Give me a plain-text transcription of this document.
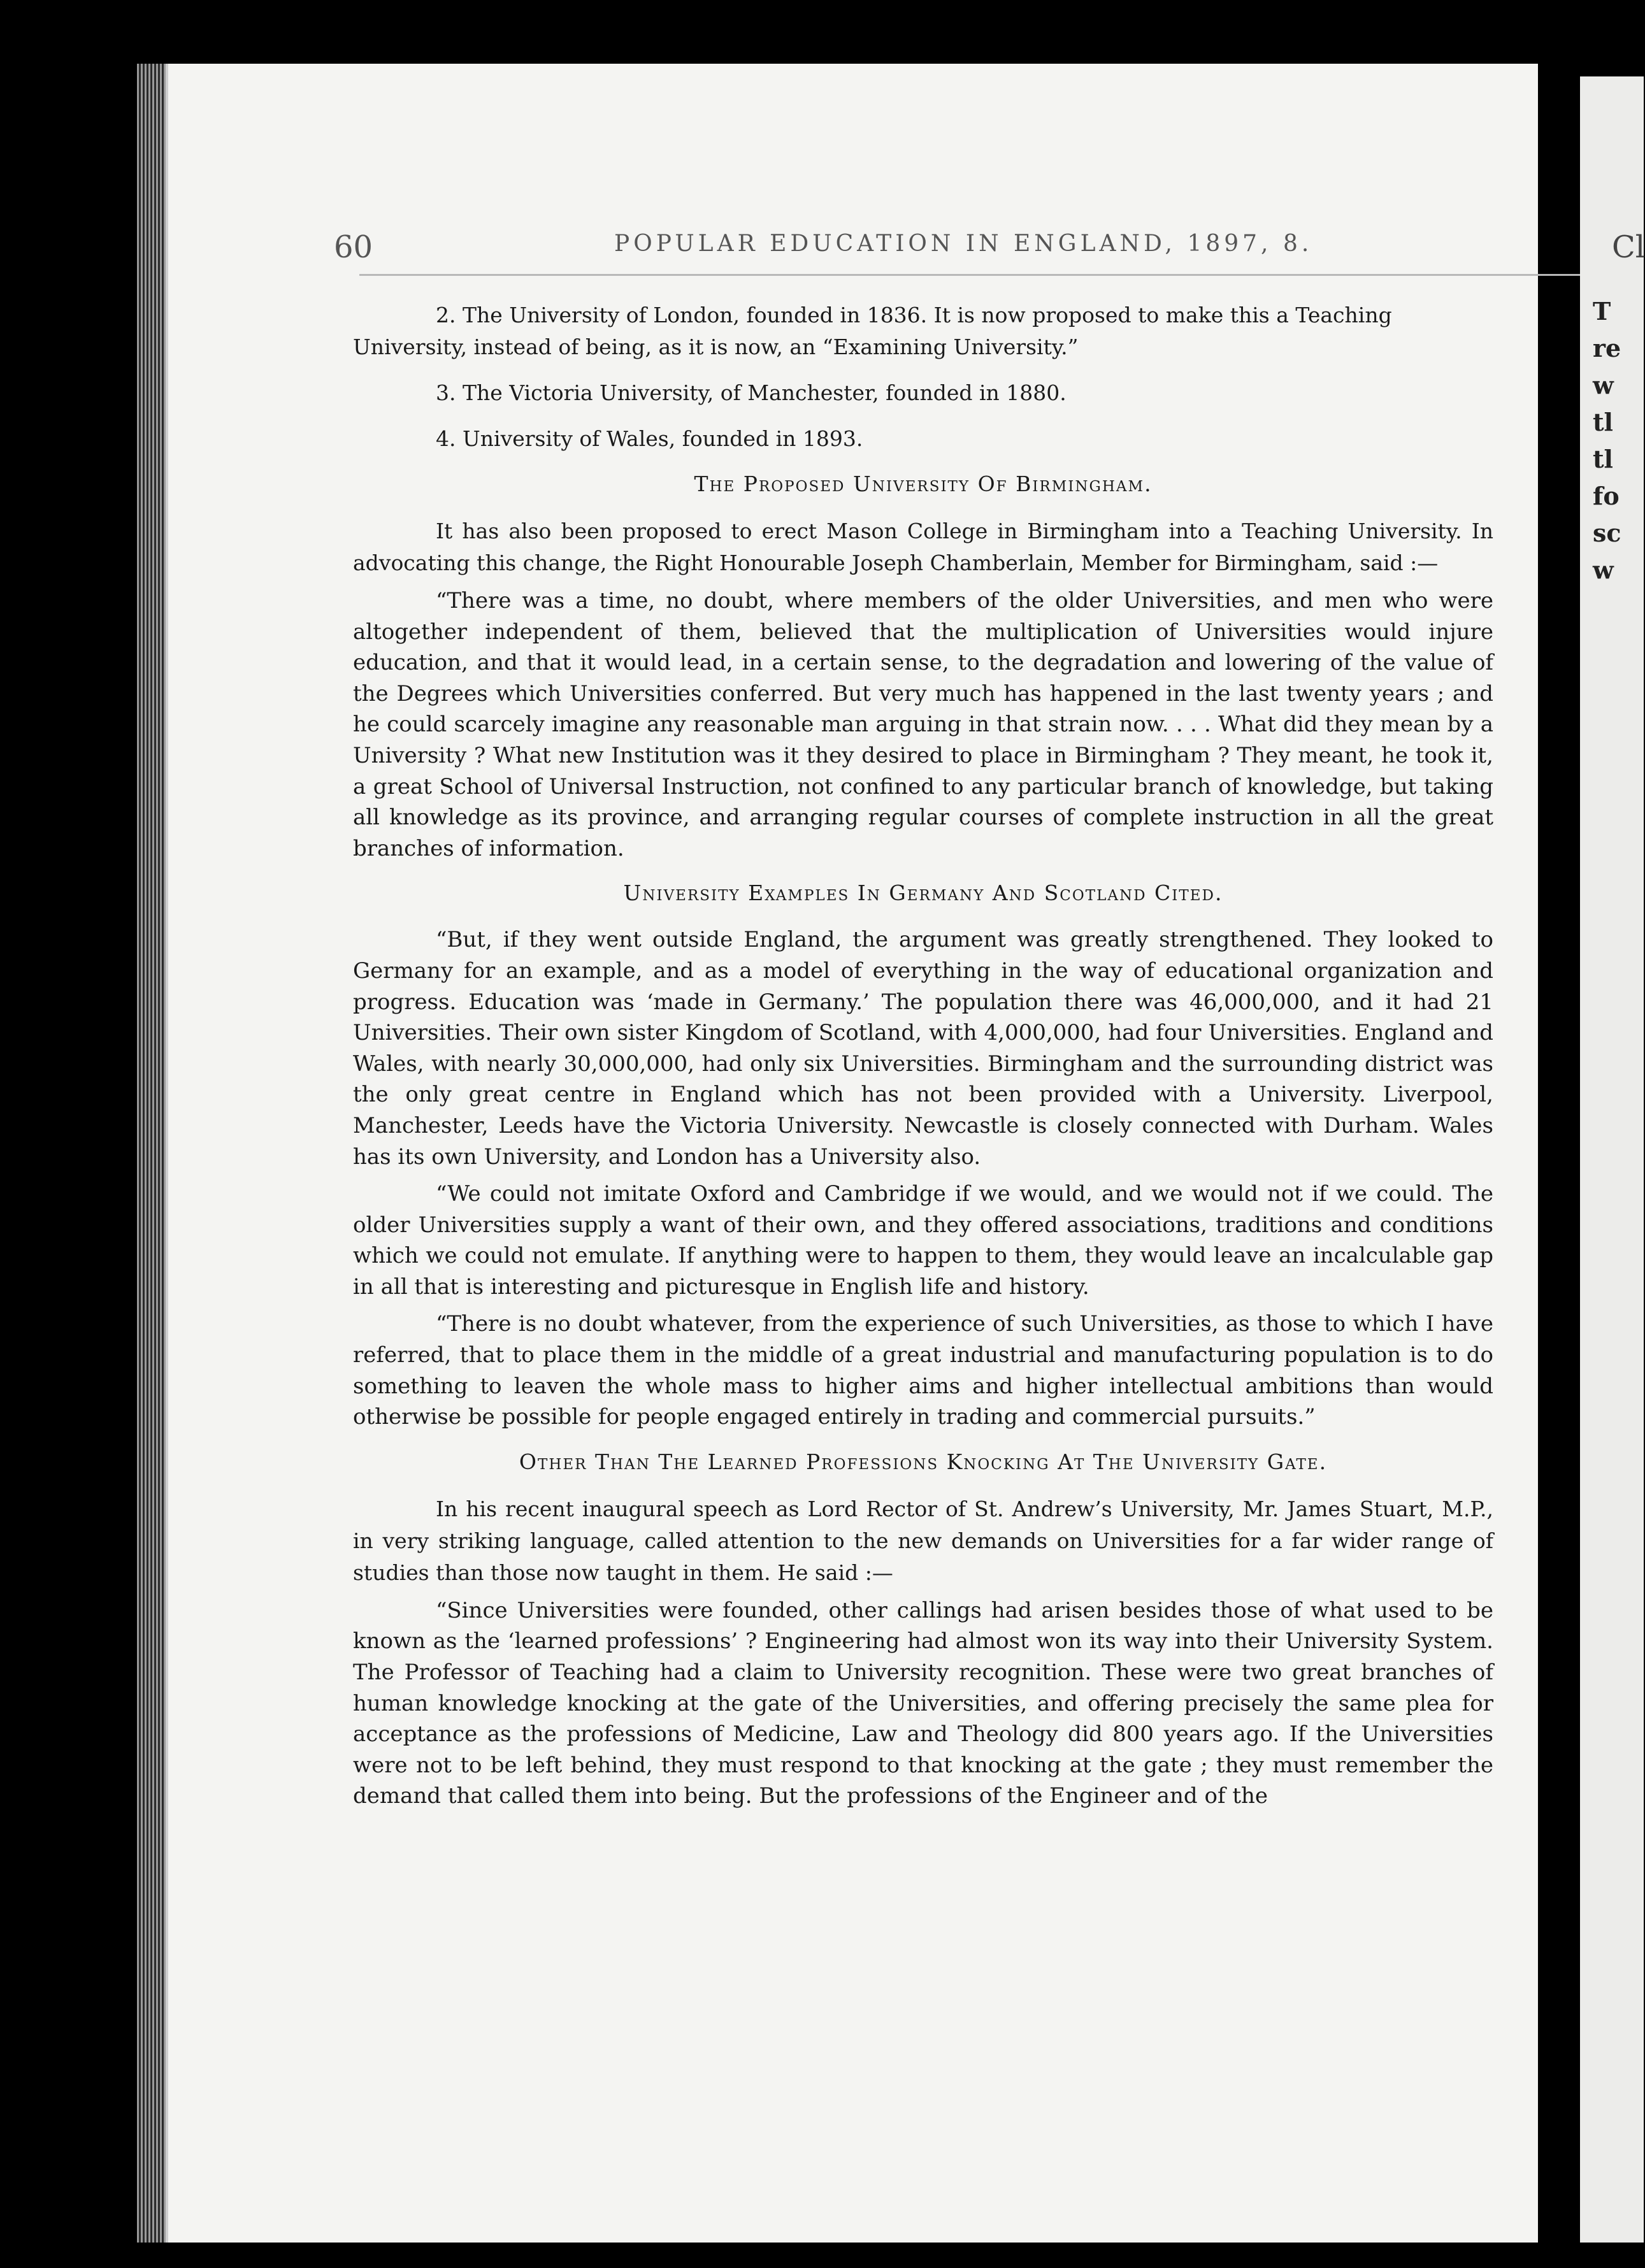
60	POPULAR EDUCATION IN ENGLAND, 1897, 8.

2. The University of London, founded in 1836. It is now proposed to make this a Teaching University, instead of being, as it is now, an “Examining University.”

3. The Victoria University, of Manchester, founded in 1880.

4. University of Wales, founded in 1893.

The Proposed University Of Birmingham.

It has also been proposed to erect Mason College in Birmingham into a Teaching University. In advocating this change, the Right Honourable Joseph Chamberlain, Member for Birmingham, said :—

“There was a time, no doubt, where members of the older Universities, and men who were altogether independent of them, believed that the multiplication of Universities would injure education, and that it would lead, in a certain sense, to the degradation and lowering of the value of the Degrees which Universities conferred. But very much has happened in the last twenty years ; and he could scarcely imagine any reasonable man arguing in that strain now. . . . What did they mean by a University ? What new Institution was it they desired to place in Birmingham ? They meant, he took it, a great School of Universal Instruction, not confined to any particular branch of knowledge, but taking all knowledge as its province, and arranging regular courses of complete instruction in all the great branches of information.

University Examples In Germany And Scotland Cited.

“But, if they went outside England, the argument was greatly strengthened. They looked to Germany for an example, and as a model of everything in the way of educational organization and progress. Education was ‘made in Germany.’ The population there was 46,000,000, and it had 21 Universities. Their own sister Kingdom of Scotland, with 4,000,000, had four Universities. England and Wales, with nearly 30,000,000, had only six Universities. Birmingham and the surrounding district was the only great centre in England which has not been provided with a University. Liverpool, Manchester, Leeds have the Victoria University. Newcastle is closely connected with Durham. Wales has its own University, and London has a University also.

“We could not imitate Oxford and Cambridge if we would, and we would not if we could. The older Universities supply a want of their own, and they offered associations, traditions and conditions which we could not emulate. If anything were to happen to them, they would leave an incalculable gap in all that is interesting and picturesque in English life and history.

“There is no doubt whatever, from the experience of such Universities, as those to which I have referred, that to place them in the middle of a great industrial and manufacturing population is to do something to leaven the whole mass to higher aims and higher intellectual ambitions than would otherwise be possible for people engaged entirely in trading and commercial pursuits.”

Other Than The Learned Professions Knocking At The University Gate.

In his recent inaugural speech as Lord Rector of St. Andrew’s University, Mr. James Stuart, M.P., in very striking language, called attention to the new demands on Universities for a far wider range of studies than those now taught in them. He said :—

“Since Universities were founded, other callings had arisen besides those of what used to be known as the ‘learned professions’ ? Engineering had almost won its way into their University System. The Professor of Teaching had a claim to University recognition. These were two great branches of human knowledge knocking at the gate of the Universities, and offering precisely the same plea for acceptance as the professions of Medicine, Law and Theology did 800 years ago. If the Universities were not to be left behind, they must respond to that knocking at the gate ; they must remember the demand that called them into being. But the professions of the Engineer and of the

Cl
T
re
w
tl
tl
fo
sc
w
